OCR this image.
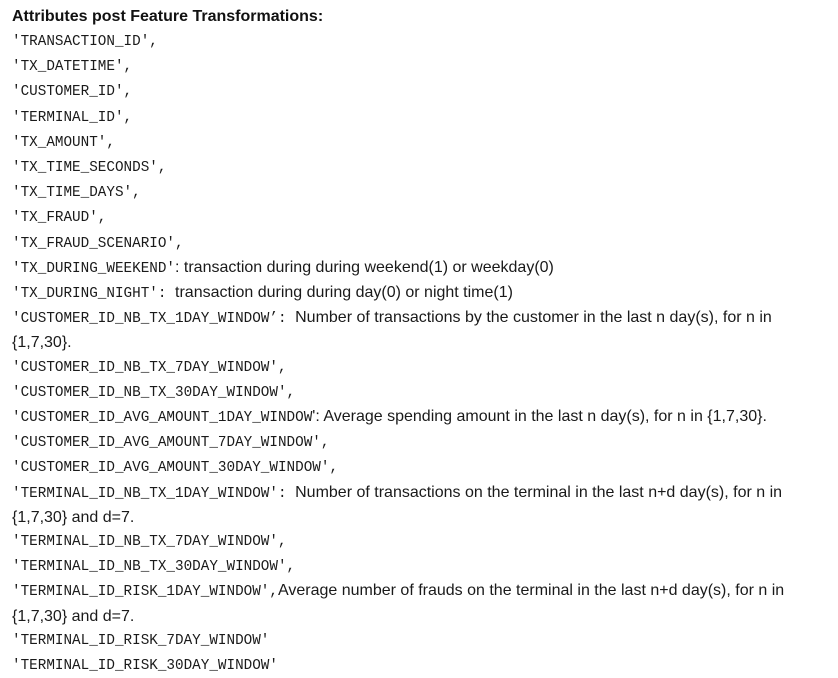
Attributes post Feature Transformations:
'TRANSACTION_ID',
'TX_DATETIME',
'CUSTOMER_ID',
'TERMINAL_ID',
'TX_AMOUNT',
'TX_TIME_SECONDS',
'TX_TIME_DAYS',
'TX_FRAUD',
'TX_FRAUD_SCENARIO',
'TX_DURING_WEEKEND': transaction during during weekend(1) or weekday(0)
'TX_DURING_NIGHT': transaction during during day(0) or night time(1)
'CUSTOMER_ID_NB_TX_1DAY_WINDOW’: Number of transactions by the customer in the last n day(s), for n in {1,7,30}.
'CUSTOMER_ID_NB_TX_7DAY_WINDOW',
'CUSTOMER_ID_NB_TX_30DAY_WINDOW',
'CUSTOMER_ID_AVG_AMOUNT_1DAY_WINDOW': Average spending amount in the last n day(s), for n in {1,7,30}.
'CUSTOMER_ID_AVG_AMOUNT_7DAY_WINDOW',
'CUSTOMER_ID_AVG_AMOUNT_30DAY_WINDOW',
'TERMINAL_ID_NB_TX_1DAY_WINDOW': Number of transactions on the terminal in the last n+d day(s), for n in {1,7,30} and d=7.
'TERMINAL_ID_NB_TX_7DAY_WINDOW',
'TERMINAL_ID_NB_TX_30DAY_WINDOW',
'TERMINAL_ID_RISK_1DAY_WINDOW',Average number of frauds on the terminal in the last n+d day(s), for n in {1,7,30} and d=7.
'TERMINAL_ID_RISK_7DAY_WINDOW'
'TERMINAL_ID_RISK_30DAY_WINDOW'
